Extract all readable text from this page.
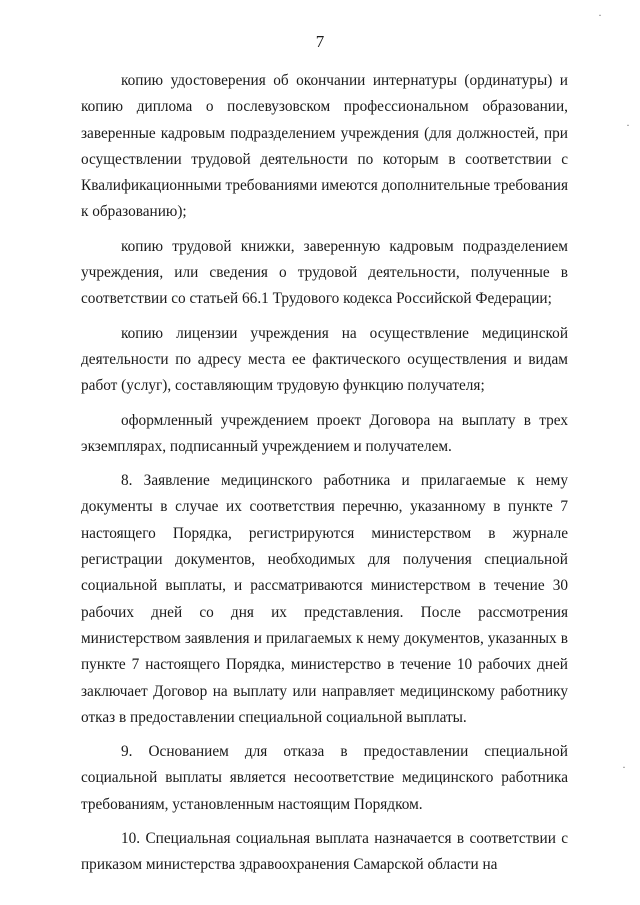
7

копию удостоверения об окончании интернатуры (ординатуры) и копию диплома о послевузовском профессиональном образовании, заверенные кадровым подразделением учреждения (для должностей, при осуществлении трудовой деятельности по которым в соответствии с Квалификационными требованиями имеются дополнительные требования к образованию);

копию трудовой книжки, заверенную кадровым подразделением учреждения, или сведения о трудовой деятельности, полученные в соответствии со статьей 66.1 Трудового кодекса Российской Федерации;

копию лицензии учреждения на осуществление медицинской деятельности по адресу места ее фактического осуществления и видам работ (услуг), составляющим трудовую функцию получателя;

оформленный учреждением проект Договора на выплату в трех экземплярах, подписанный учреждением и получателем.

8. Заявление медицинского работника и прилагаемые к нему документы в случае их соответствия перечню, указанному в пункте 7 настоящего Порядка, регистрируются министерством в журнале регистрации документов, необходимых для получения специальной социальной выплаты, и рассматриваются министерством в течение 30 рабочих дней со дня их представления. После рассмотрения министерством заявления и прилагаемых к нему документов, указанных в пункте 7 настоящего Порядка, министерство в течение 10 рабочих дней заключает Договор на выплату или направляет медицинскому работнику отказ в предоставлении специальной социальной выплаты.

9. Основанием для отказа в предоставлении специальной социальной выплаты является несоответствие медицинского работника требованиям, установленным настоящим Порядком.

10. Специальная социальная выплата назначается в соответствии с приказом министерства здравоохранения Самарской области на

·
·
·
